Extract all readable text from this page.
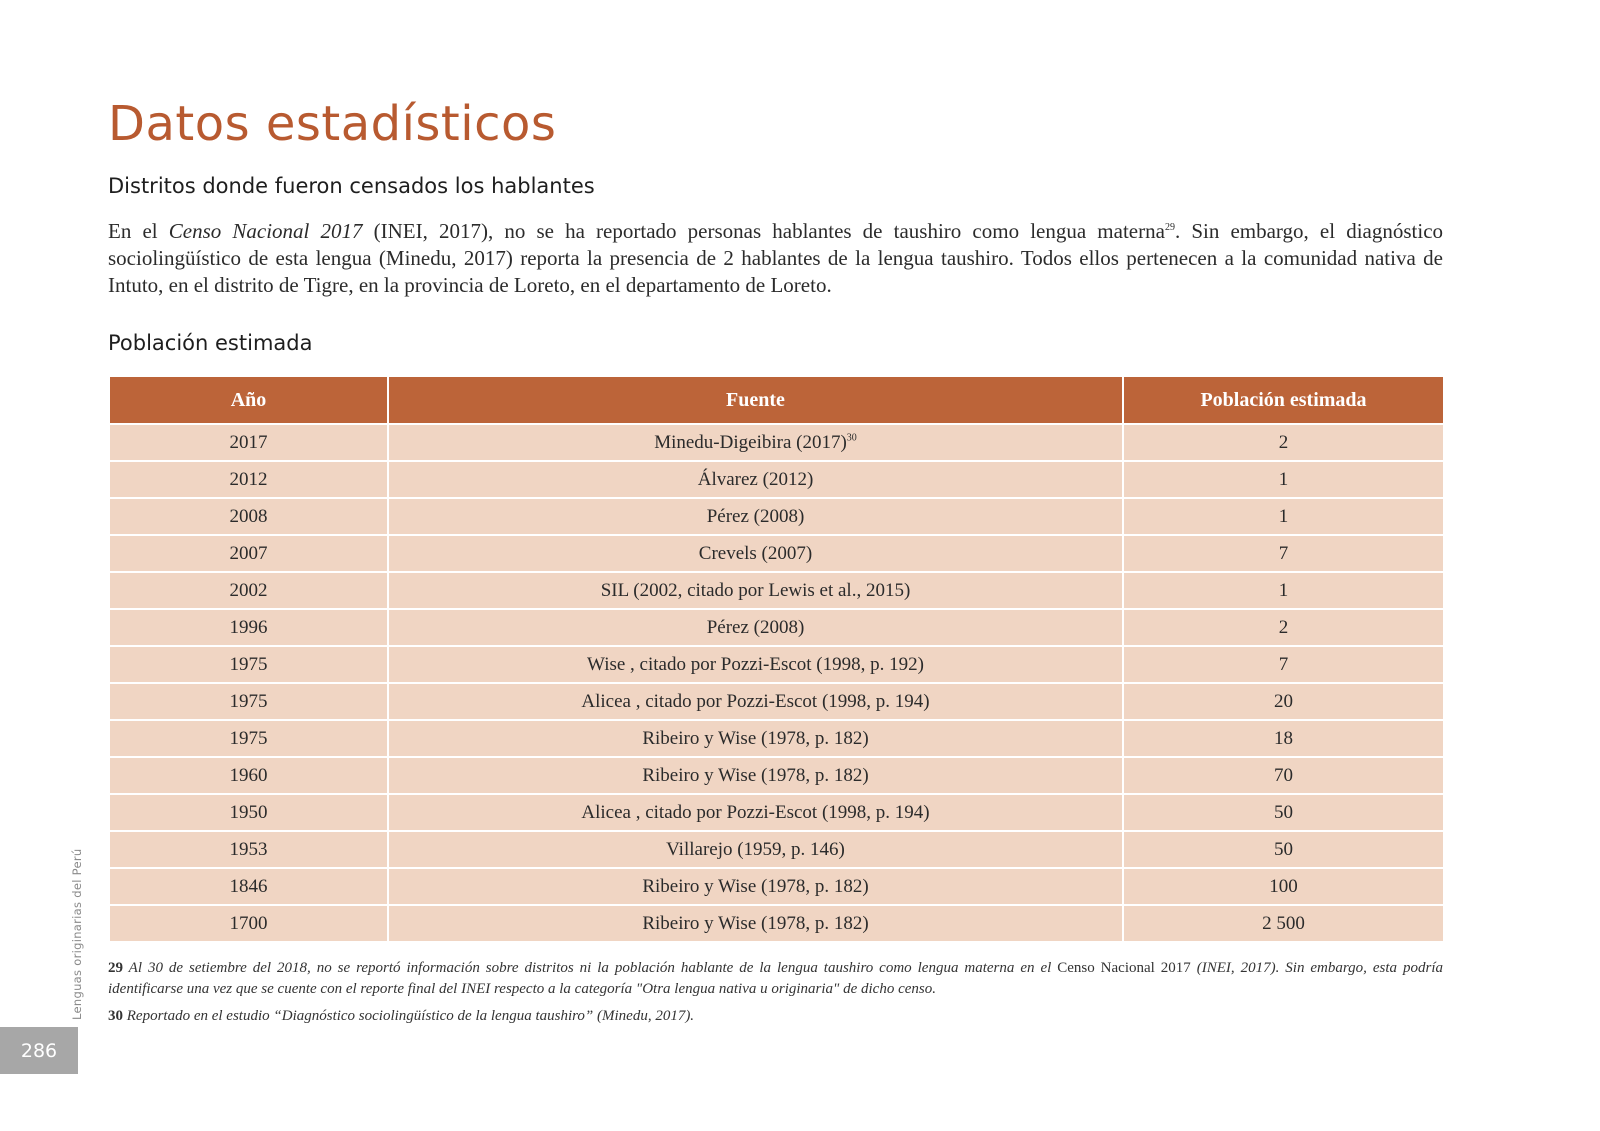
Datos estadísticos
Distritos donde fueron censados los hablantes

En el Censo Nacional 2017 (INEI, 2017), no se ha reportado personas hablantes de taushiro como lengua materna$^{29}$. Sin embargo, el diagnóstico sociolingüístico de esta lengua (Minedu, 2017) reporta la presencia de 2 hablantes de la lengua taushiro. Todos ellos pertenecen a la comunidad nativa de Intuto, en el distrito de Tigre, en la provincia de Loreto, en el departamento de Loreto.

Población estimada
Año	Fuente	Población estimada
2017	Minedu-Digeibira $(2017)^{30}$	2
2012	Álvarez (2012)	1
2008	Pérez (2008)	1
2007	Crevels (2007)	7
2002	SIL (2002, citado por Lewis et al., 2015)	1
1996	Pérez (2008)	2
1975	Wise , citado por Pozzi-Escot (1998, p. 192)	7
1975	Alicea , citado por Pozzi-Escot (1998, p. 194)	20
1975	Ribeiro y Wise (1978, p. 182)	18
1960	Ribeiro y Wise (1978, p. 182)	70
1950	Alicea , citado por Pozzi-Escot (1998, p. 194)	50
1953	Villarejo (1959, p. 146)	50
1846	Ribeiro y Wise (1978, p. 182)	100
1700	Ribeiro y Wise (1978, p. 182)	2 500

29 Al 30 de setiembre del 2018, no se reportó información sobre distritos ni la población hablante de la lengua taushiro como lengua materna en el Censo Nacional 2017 (INEI, 2017). Sin embargo, esta podría identificarse una vez que se cuente con el reporte final del INEI respecto a la categoría "Otra lengua nativa u originaria" de dicho censo.

30 Reportado en el estudio “Diagnóstico sociolingüístico de la lengua taushiro” (Minedu, 2017).

Lenguas originarias del Perú
286
